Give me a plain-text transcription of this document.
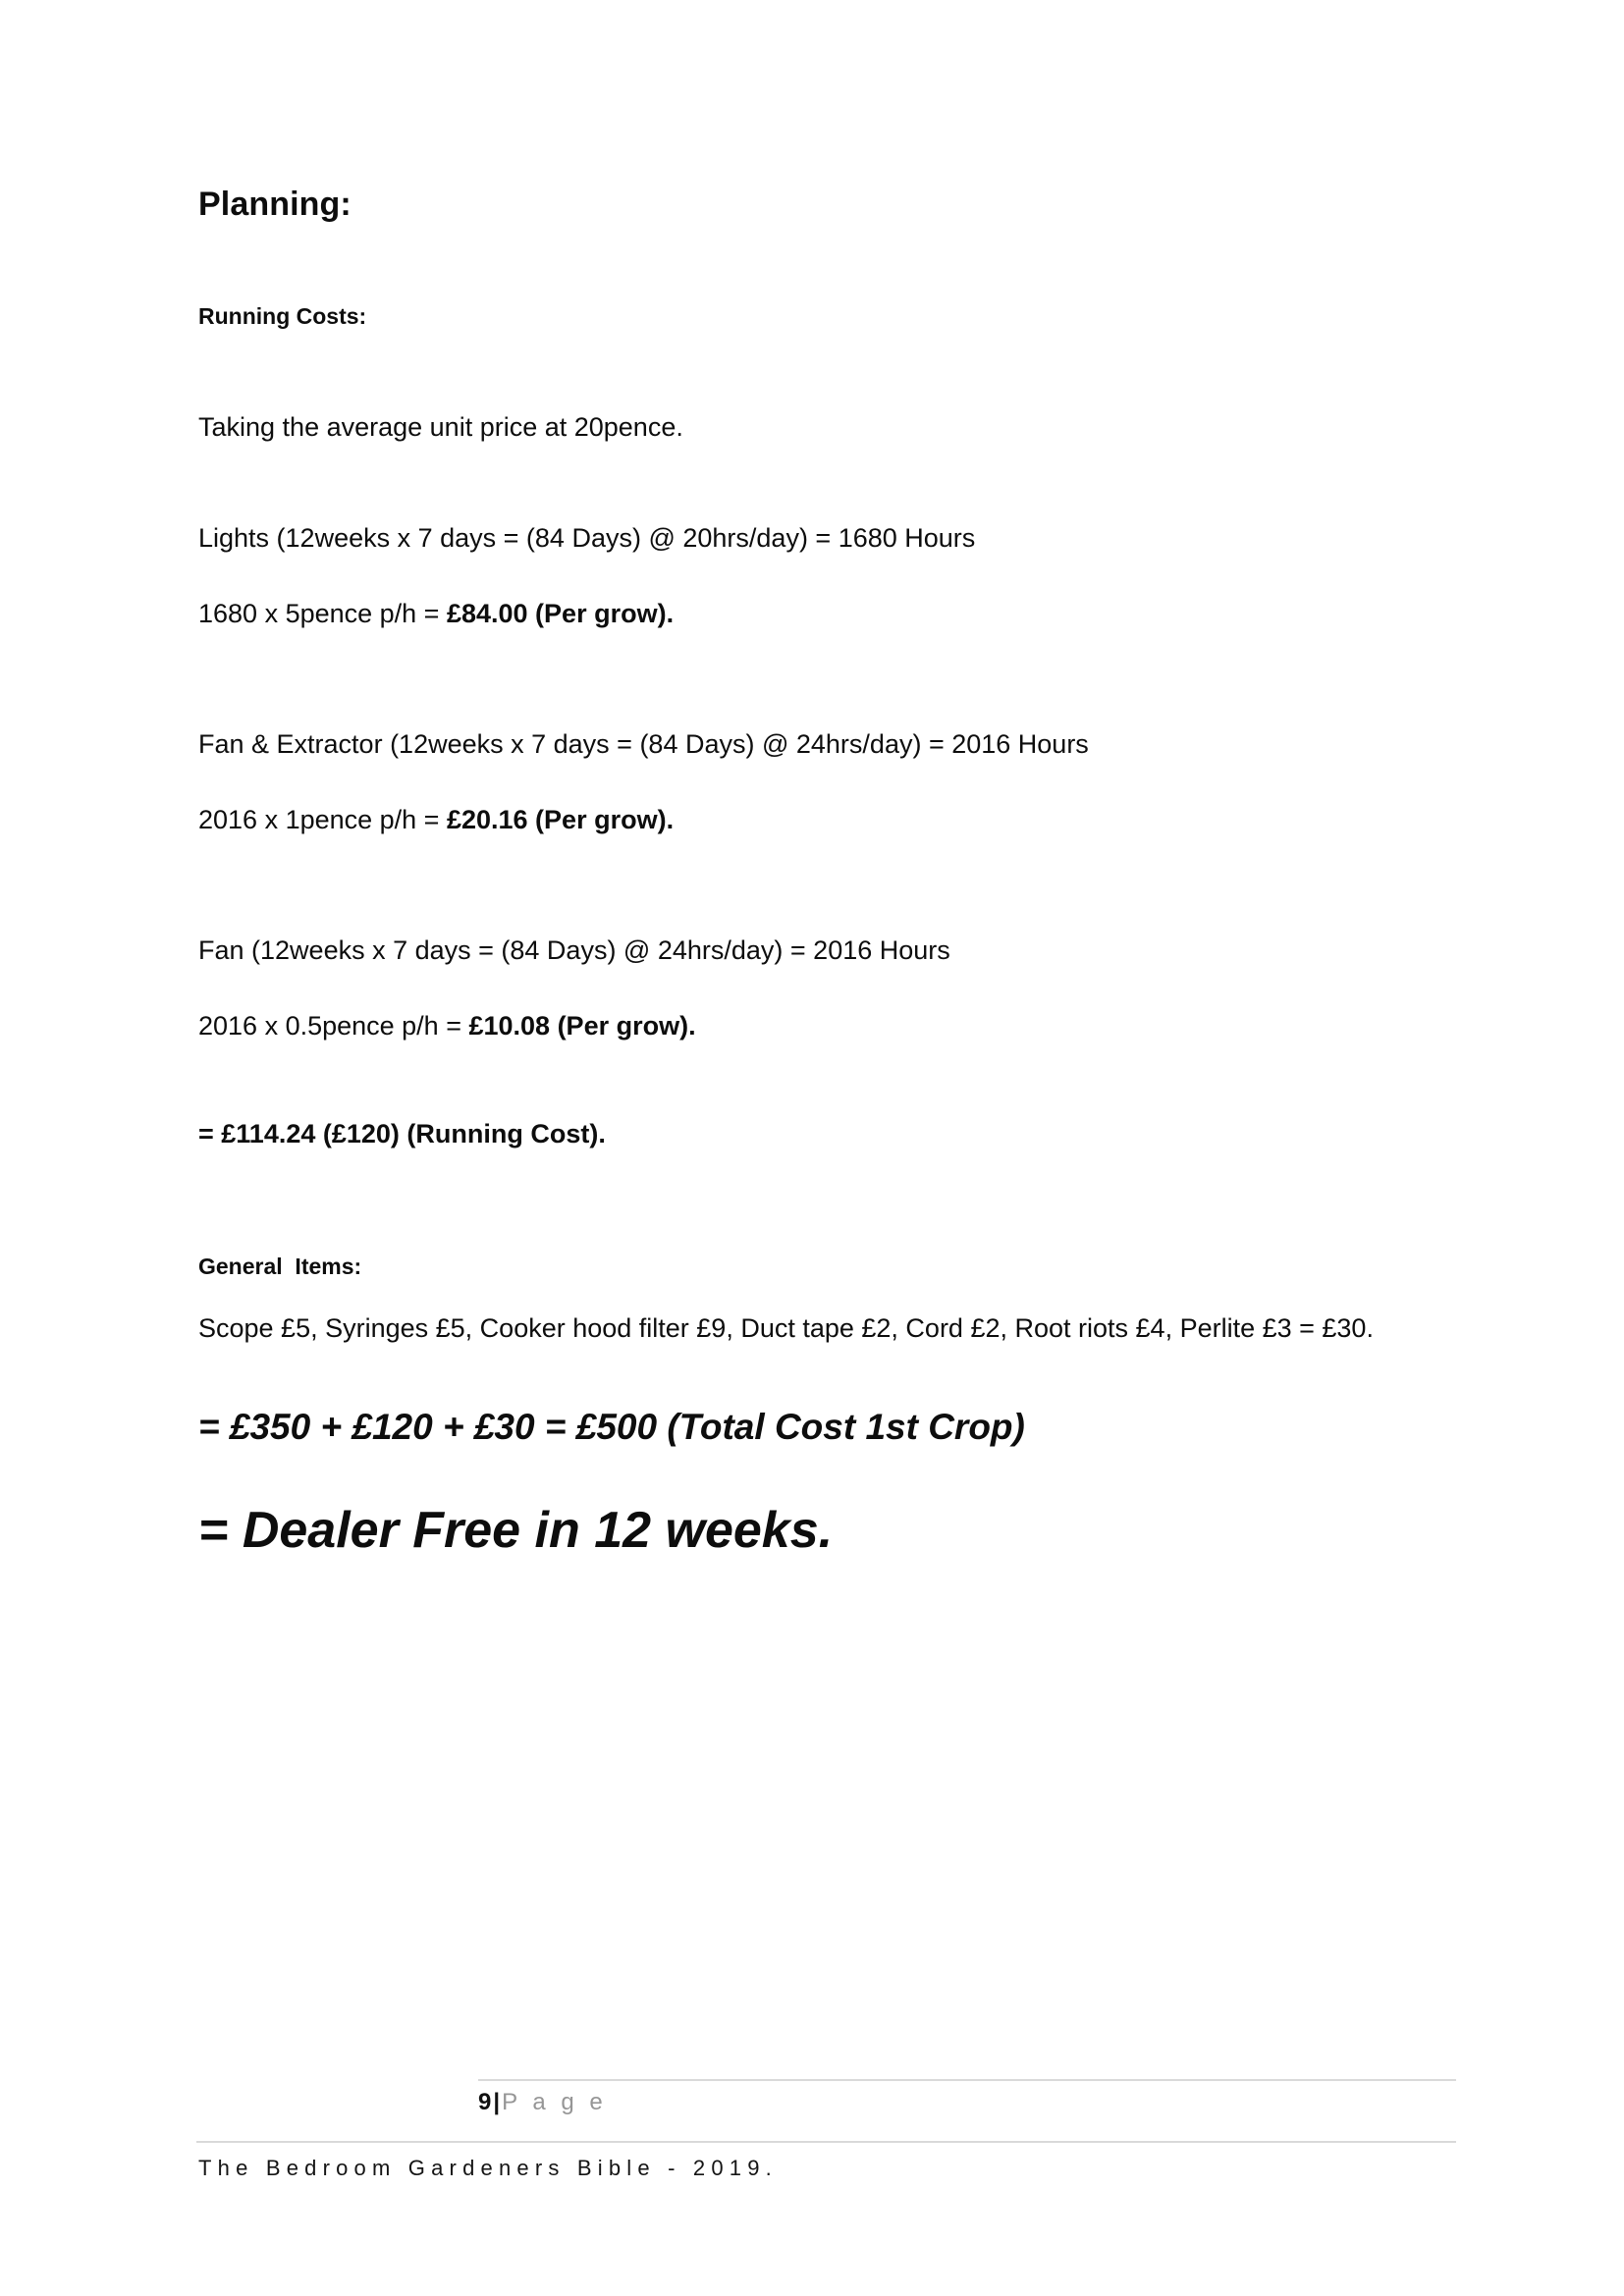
Planning:
Running Costs:

Taking the average unit price at 20pence.

Lights (12weeks x 7 days = (84 Days) @ 20hrs/day) = 1680 Hours

1680 x 5pence p/h = £84.00 (Per grow).

Fan & Extractor (12weeks x 7 days = (84 Days) @ 24hrs/day) = 2016 Hours

2016 x 1pence p/h = £20.16 (Per grow).

Fan (12weeks x 7 days = (84 Days) @ 24hrs/day) = 2016 Hours

2016 x 0.5pence p/h = £10.08 (Per grow).

= £114.24 (£120) (Running Cost).

General  Items:

Scope £5, Syringes £5, Cooker hood filter £9, Duct tape £2, Cord £2, Root riots £4, Perlite £3 = £30.

= £350 + £120 + £30 = £500 (Total Cost 1st Crop)

= Dealer Free in 12 weeks.

9|P a g e
The Bedroom Gardeners Bible - 2019.
